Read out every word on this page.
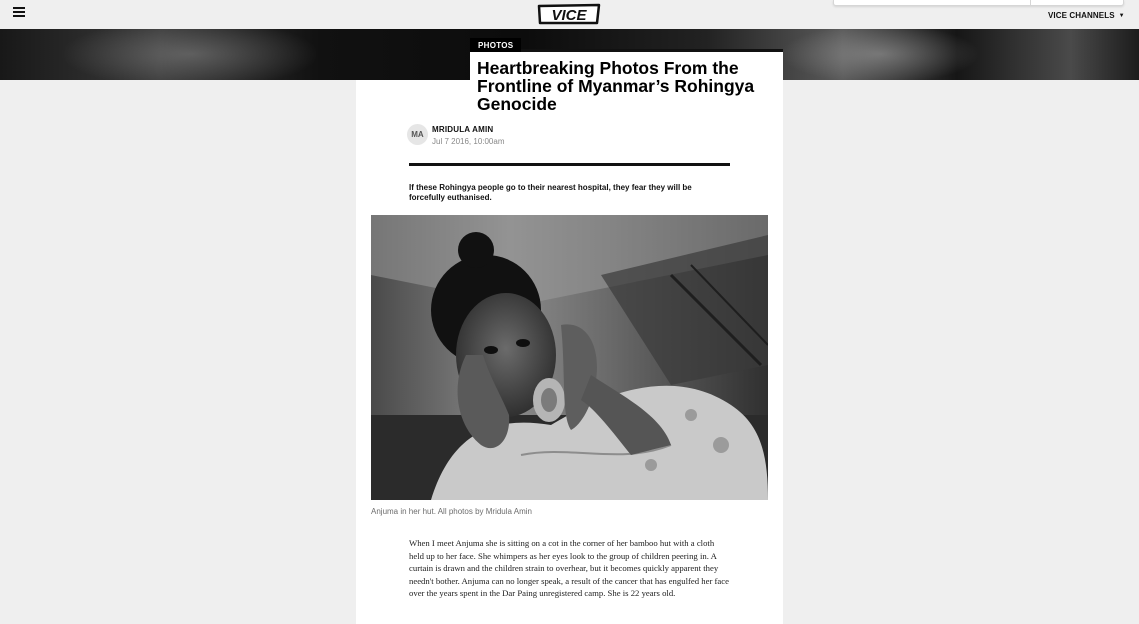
VICE	VICE CHANNELS ▼
PHOTOS
Heartbreaking Photos From the Frontline of Myanmar’s Rohingya Genocide
MA
MRIDULA AMIN
Jul 7 2016, 10:00am

If these Rohingya people go to their nearest hospital, they fear they will be forcefully euthanised.

Anjuma in her hut. All photos by Mridula Amin

When I meet Anjuma she is sitting on a cot in the corner of her bamboo hut with a cloth held up to her face. She whimpers as her eyes look to the group of children peering in. A curtain is drawn and the children strain to overhear, but it becomes quickly apparent they needn't bother. Anjuma can no longer speak, a result of the cancer that has engulfed her face over the years spent in the Dar Paing unregistered camp. She is 22 years old.
